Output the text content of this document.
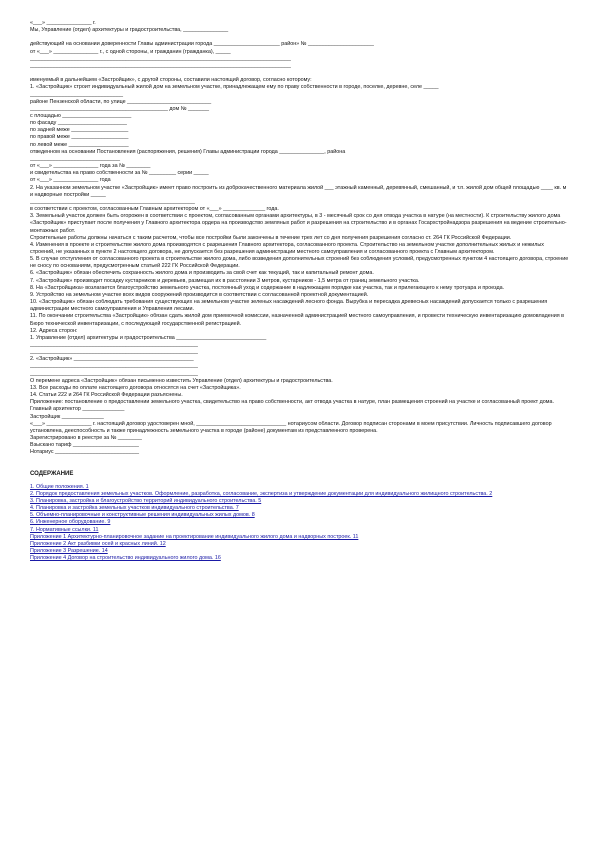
«___» _______________ г.
Мы, Управление (отдел) архитектуры и градостроительства, _______________
действующий на основании доверенности Главы администрации города ______________________ район» № ______________________
от «___» _______________ г., с одной стороны, и гражданин (гражданка), _____
_______________________________________________________________________________________
_______________________________________________________________________________________
именуемый в дальнейшем «Застройщик», с другой стороны, составили настоящий договор, согласно которому:
1. «Застройщик» строит индивидуальный жилой дом на земельном участке, принадлежащем ему по праву собственности в городе, поселке, деревне, селе _____
_______________________________
районе Пензенской области, по улице ____________________________
______________________________________________ дом № _______
с площадью _______________________
по фасаду _______________________
по задней меже ___________________
по правой меже ___________________
по левой меже ____________________
отведенном на основании Постановления (распоряжения, решения) Главы администрации города _______________, района
______________________________
от «___» _______________ года за № ________
и свидетельства на право собственности за № _________ серии _____
от «___» _______________ года
2. На указанном земельном участке «Застройщик» имеет право построить из доброкачественного материала жилой ___ этажный каменный, деревянный, смешанный, и т.п. жилой дом общей площадью ____ кв. м и надворные постройки _____
_______________________________________________________
в соответствии с проектом, согласованным Главным архитектором от «___» ______________ года.
3. Земельный участок должен быть огорожен в соответствии с проектом, согласованным органами архитектуры, в 3 - месячный срок со дня отвода участка в натуре (на местности). К строительству жилого дома «Застройщик» приступает после получения у Главного архитектора ордера на производство земляных работ и разрешения на строительство и в органах Госархстройнадзора разрешения на ведение строительно-монтажных работ.
Строительные работы должны начаться с таким расчетом, чтобы все постройки были закончены в течение трех лет со дня получения разрешения согласно ст. 264 ГК Российской Федерации.
4. Изменения в проекте и строительстве жилого дома производятся с разрешения Главного архитектора, согласованного проекта. Строительство на земельном участке дополнительных жилых и нежилых строений, не указанных в пункте 2 настоящего договора, не допускается без разрешения администрации местного самоуправления и согласованного проекта с Главным архитектором.
5. В случае отступления от согласованного проекта в строительстве жилого дома, либо возведения дополнительных строений без соблюдения условий, предусмотренных пунктом 4 настоящего договора, строение не сносу по основаниям, предусмотренным статьей 222 ГК Российской Федерации.
6. «Застройщик» обязан обеспечить сохранность жилого дома и производить за свой счет как текущий, так и капитальный ремонт дома.
7. «Застройщик» производит посадку кустарников и деревьев, размещая их в расстоянии 3 метров, кустарников - 1,5 метра от границ земельного участка.
8. На «Застройщика» возлагается благоустройство земельного участка, постоянный уход и содержание в надлежащем порядке как участка, так и прилегающего к нему тротуара и проезда.
9. Устройство на земельном участке всех видов сооружений производится в соответствии с согласованной проектной документацией.
10. «Застройщик» обязан соблюдать требования существующих на земельном участке зеленых насаждений лесного фонда. Вырубка и пересадка древесных насаждений допускается только с разрешения администрации местного самоуправления и Управления лесами.
11. По окончании строительства «Застройщик» обязан сдать жилой дом приемочной комиссии, назначенной администрацией местного самоуправления, и провести техническую инвентаризацию домовладения в Бюро технической инвентаризации, с последующей государственной регистрацией.
12. Адреса сторон:
1. Управление (отдел) архитектуры и градостроительства ______________________________
________________________________________________________
________________________________________________________
2. «Застройщик» ________________________________________
________________________________________________________
________________________________________________________
О перемене адреса «Застройщик» обязан письменно известить Управление (отдел) архитектуры и градостроительства.
13. Все расходы по оплате настоящего договора относятся на счет «Застройщика».
14. Статьи 222 и 264 ГК Российской Федерации разъяснены.
Приложение: постановление о предоставлении земельного участка, свидетельство на право собственности, акт отвода участка в натуре, план размещения строений на участке и согласованный проект дома.
Главный архитектор ______________
Застройщик ______________
«___» _______________ г. настоящий договор удостоверен мной, ______________________________ нотариусом области. Договор подписан сторонами в моем присутствии. Личность подписавшего договор установлена, дееспособность и также принадлежность земельного участка в городе (районе) документам из представленного проверена.
Зарегистрировано в реестре за № ________
Взыскано тариф ______________________
Нотариус ____________________________
СОДЕРЖАНИЕ
1. Общие положения. 1
2. Порядок предоставления земельных участков. Оформление, разработка, согласование, экспертиза и утверждение документации для индивидуального жилищного строительства. 2
3. Планировка, застройка и благоустройство территорий индивидуального строительства. 5
4. Планировка и застройка земельных участков индивидуального строительства. 7
5. Объемно-планировочные и конструктивные решения индивидуальных жилых домов. 8
6. Инженерное оборудование. 9
7. Нормативные ссылки. 11
Приложение 1 Архитектурно-планировочное задание на проектирование индивидуального жилого дома и надворных построек. 11
Приложение 2 Акт разбивки осей и красных линий. 12
Приложение 3 Разрешение. 14
Приложение 4 Договор на строительство индивидуального жилого дома. 16
